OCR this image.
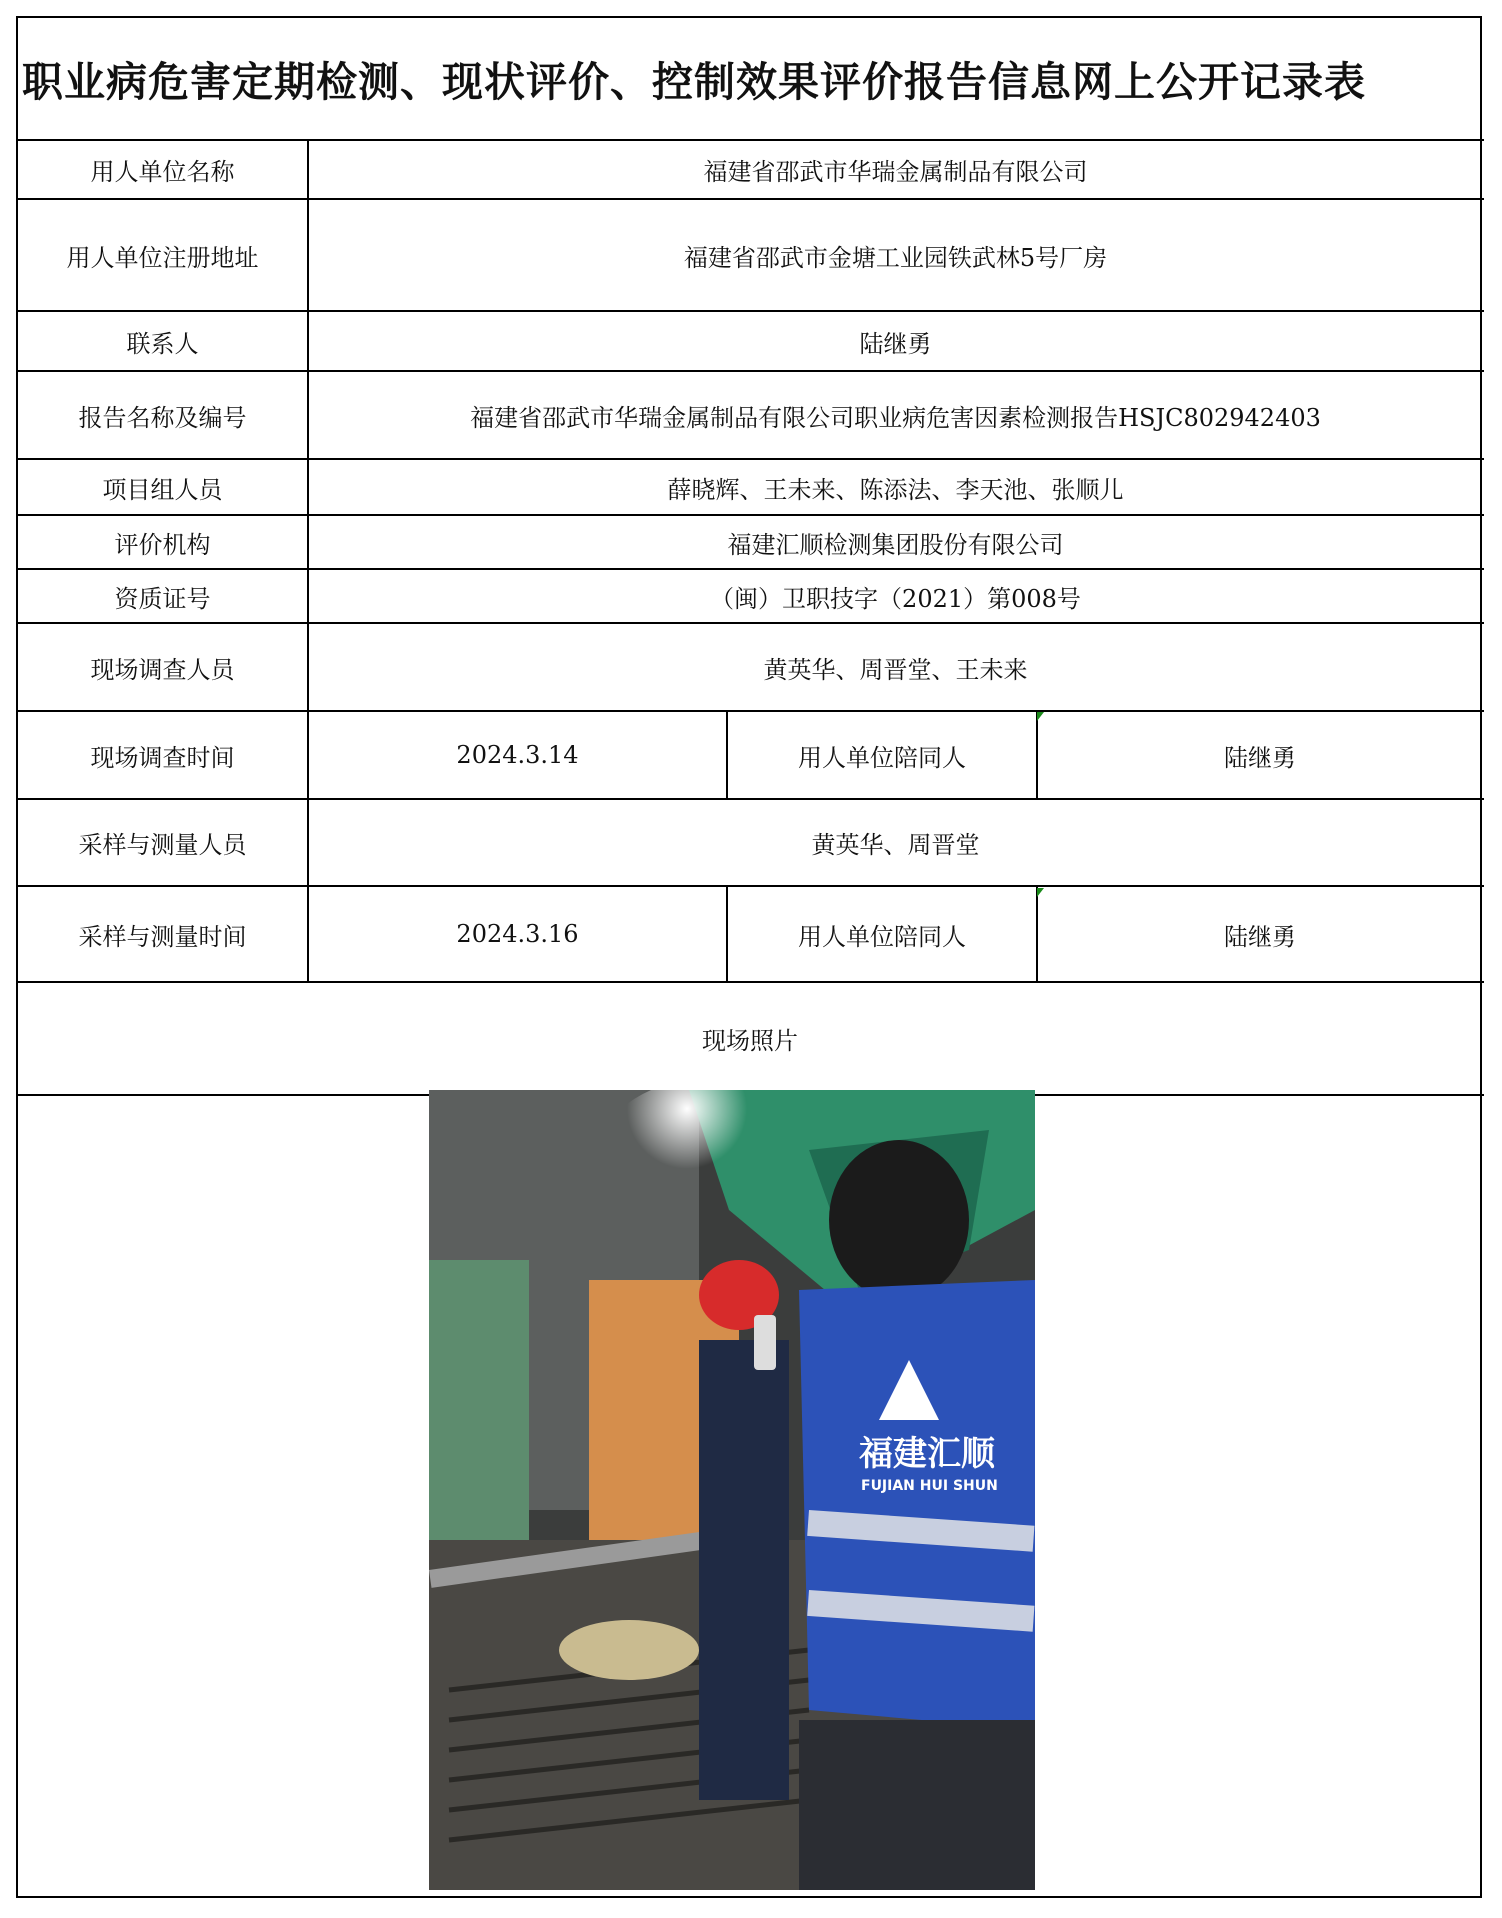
职业病危害定期检测、现状评价、控制效果评价报告信息网上公开记录表
用人单位名称	福建省邵武市华瑞金属制品有限公司
用人单位注册地址	福建省邵武市金塘工业园铁武林5号厂房
联系人	陆继勇
报告名称及编号	福建省邵武市华瑞金属制品有限公司职业病危害因素检测报告HSJC802942403
项目组人员	薛晓辉、王未来、陈添法、李天池、张顺儿
评价机构	福建汇顺检测集团股份有限公司
资质证号	（闽）卫职技字（2021）第008号
现场调查人员	黄英华、周晋堂、王未来
现场调查时间	2024.3.14	用人单位陪同人	陆继勇
采样与测量人员	黄英华、周晋堂
采样与测量时间	2024.3.16	用人单位陪同人	陆继勇
现场照片
福建汇顺
FUJIAN HUI SHUN
